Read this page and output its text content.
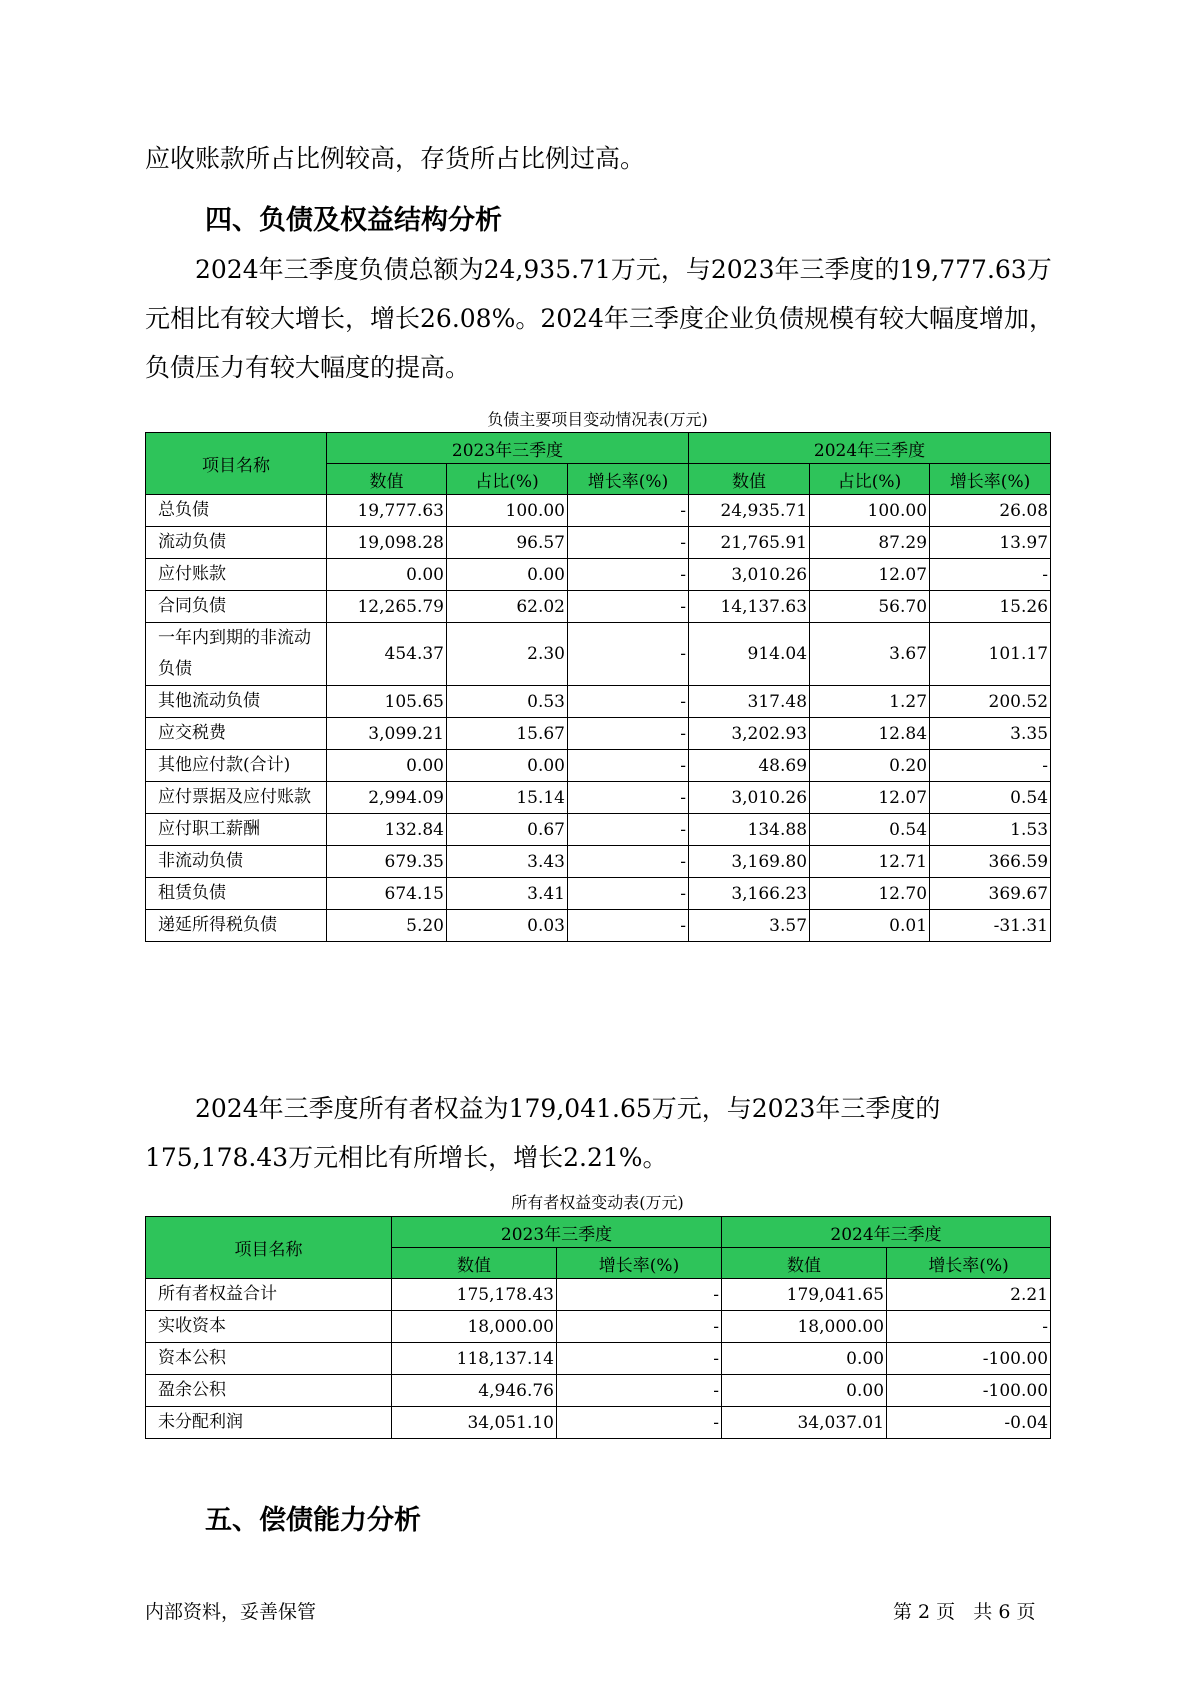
应收账款所占比例较高，存货所占比例过高。

四、负债及权益结构分析

2024年三季度负债总额为24,935.71万元，与2023年三季度的19,777.63万元相比有较大增长，增长26.08%。2024年三季度企业负债规模有较大幅度增加，负债压力有较大幅度的提高。

负债主要项目变动情况表(万元)

项目名称	2023年三季度			2024年三季度		
	数值	占比(%)	增长率(%)	数值	占比(%)	增长率(%)
总负债	19,777.63	100.00	-	24,935.71	100.00	26.08
流动负债	19,098.28	96.57	-	21,765.91	87.29	13.97
应付账款	0.00	0.00	-	3,010.26	12.07	-
合同负债	12,265.79	62.02	-	14,137.63	56.70	15.26
一年内到期的非流动负债	454.37	2.30	-	914.04	3.67	101.17
其他流动负债	105.65	0.53	-	317.48	1.27	200.52
应交税费	3,099.21	15.67	-	3,202.93	12.84	3.35
其他应付款(合计)	0.00	0.00	-	48.69	0.20	-
应付票据及应付账款	2,994.09	15.14	-	3,010.26	12.07	0.54
应付职工薪酬	132.84	0.67	-	134.88	0.54	1.53
非流动负债	679.35	3.43	-	3,169.80	12.71	366.59
租赁负债	674.15	3.41	-	3,166.23	12.70	369.67
递延所得税负债	5.20	0.03	-	3.57	0.01	-31.31

2024年三季度所有者权益为179,041.65万元，与2023年三季度的175,178.43万元相比有所增长，增长2.21%。

所有者权益变动表(万元)

项目名称	2023年三季度		2024年三季度	
	数值	增长率(%)	数值	增长率(%)
所有者权益合计	175,178.43	-	179,041.65	2.21
实收资本	18,000.00	-	18,000.00	-
资本公积	118,137.14	-	0.00	-100.00
盈余公积	4,946.76	-	0.00	-100.00
未分配利润	34,051.10	-	34,037.01	-0.04
五、偿债能力分析
内部资料，妥善保管	第 2 页   共 6 页
